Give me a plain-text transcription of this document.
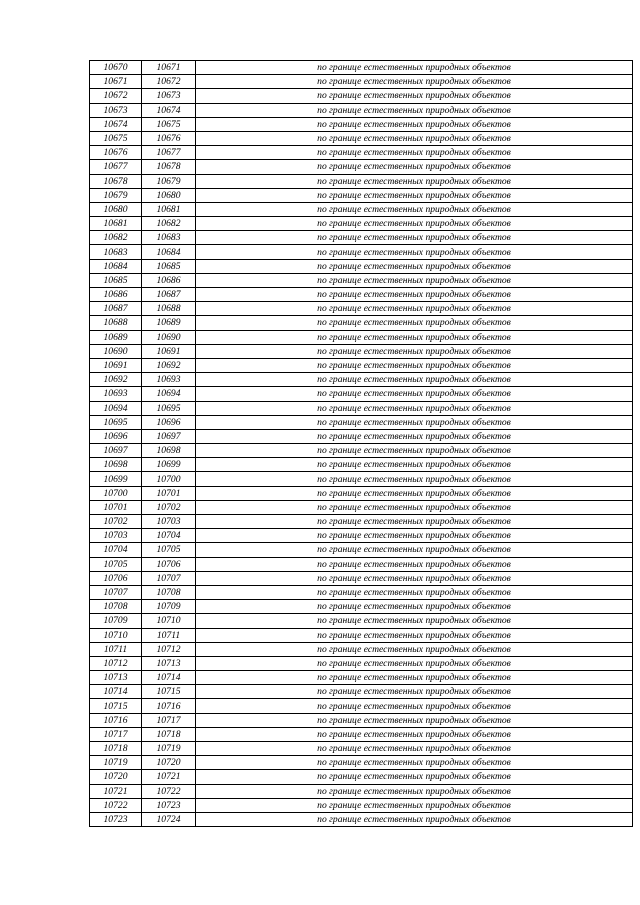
10670	10671	по границе естественных природных объектов
10671	10672	по границе естественных природных объектов
10672	10673	по границе естественных природных объектов
10673	10674	по границе естественных природных объектов
10674	10675	по границе естественных природных объектов
10675	10676	по границе естественных природных объектов
10676	10677	по границе естественных природных объектов
10677	10678	по границе естественных природных объектов
10678	10679	по границе естественных природных объектов
10679	10680	по границе естественных природных объектов
10680	10681	по границе естественных природных объектов
10681	10682	по границе естественных природных объектов
10682	10683	по границе естественных природных объектов
10683	10684	по границе естественных природных объектов
10684	10685	по границе естественных природных объектов
10685	10686	по границе естественных природных объектов
10686	10687	по границе естественных природных объектов
10687	10688	по границе естественных природных объектов
10688	10689	по границе естественных природных объектов
10689	10690	по границе естественных природных объектов
10690	10691	по границе естественных природных объектов
10691	10692	по границе естественных природных объектов
10692	10693	по границе естественных природных объектов
10693	10694	по границе естественных природных объектов
10694	10695	по границе естественных природных объектов
10695	10696	по границе естественных природных объектов
10696	10697	по границе естественных природных объектов
10697	10698	по границе естественных природных объектов
10698	10699	по границе естественных природных объектов
10699	10700	по границе естественных природных объектов
10700	10701	по границе естественных природных объектов
10701	10702	по границе естественных природных объектов
10702	10703	по границе естественных природных объектов
10703	10704	по границе естественных природных объектов
10704	10705	по границе естественных природных объектов
10705	10706	по границе естественных природных объектов
10706	10707	по границе естественных природных объектов
10707	10708	по границе естественных природных объектов
10708	10709	по границе естественных природных объектов
10709	10710	по границе естественных природных объектов
10710	10711	по границе естественных природных объектов
10711	10712	по границе естественных природных объектов
10712	10713	по границе естественных природных объектов
10713	10714	по границе естественных природных объектов
10714	10715	по границе естественных природных объектов
10715	10716	по границе естественных природных объектов
10716	10717	по границе естественных природных объектов
10717	10718	по границе естественных природных объектов
10718	10719	по границе естественных природных объектов
10719	10720	по границе естественных природных объектов
10720	10721	по границе естественных природных объектов
10721	10722	по границе естественных природных объектов
10722	10723	по границе естественных природных объектов
10723	10724	по границе естественных природных объектов
